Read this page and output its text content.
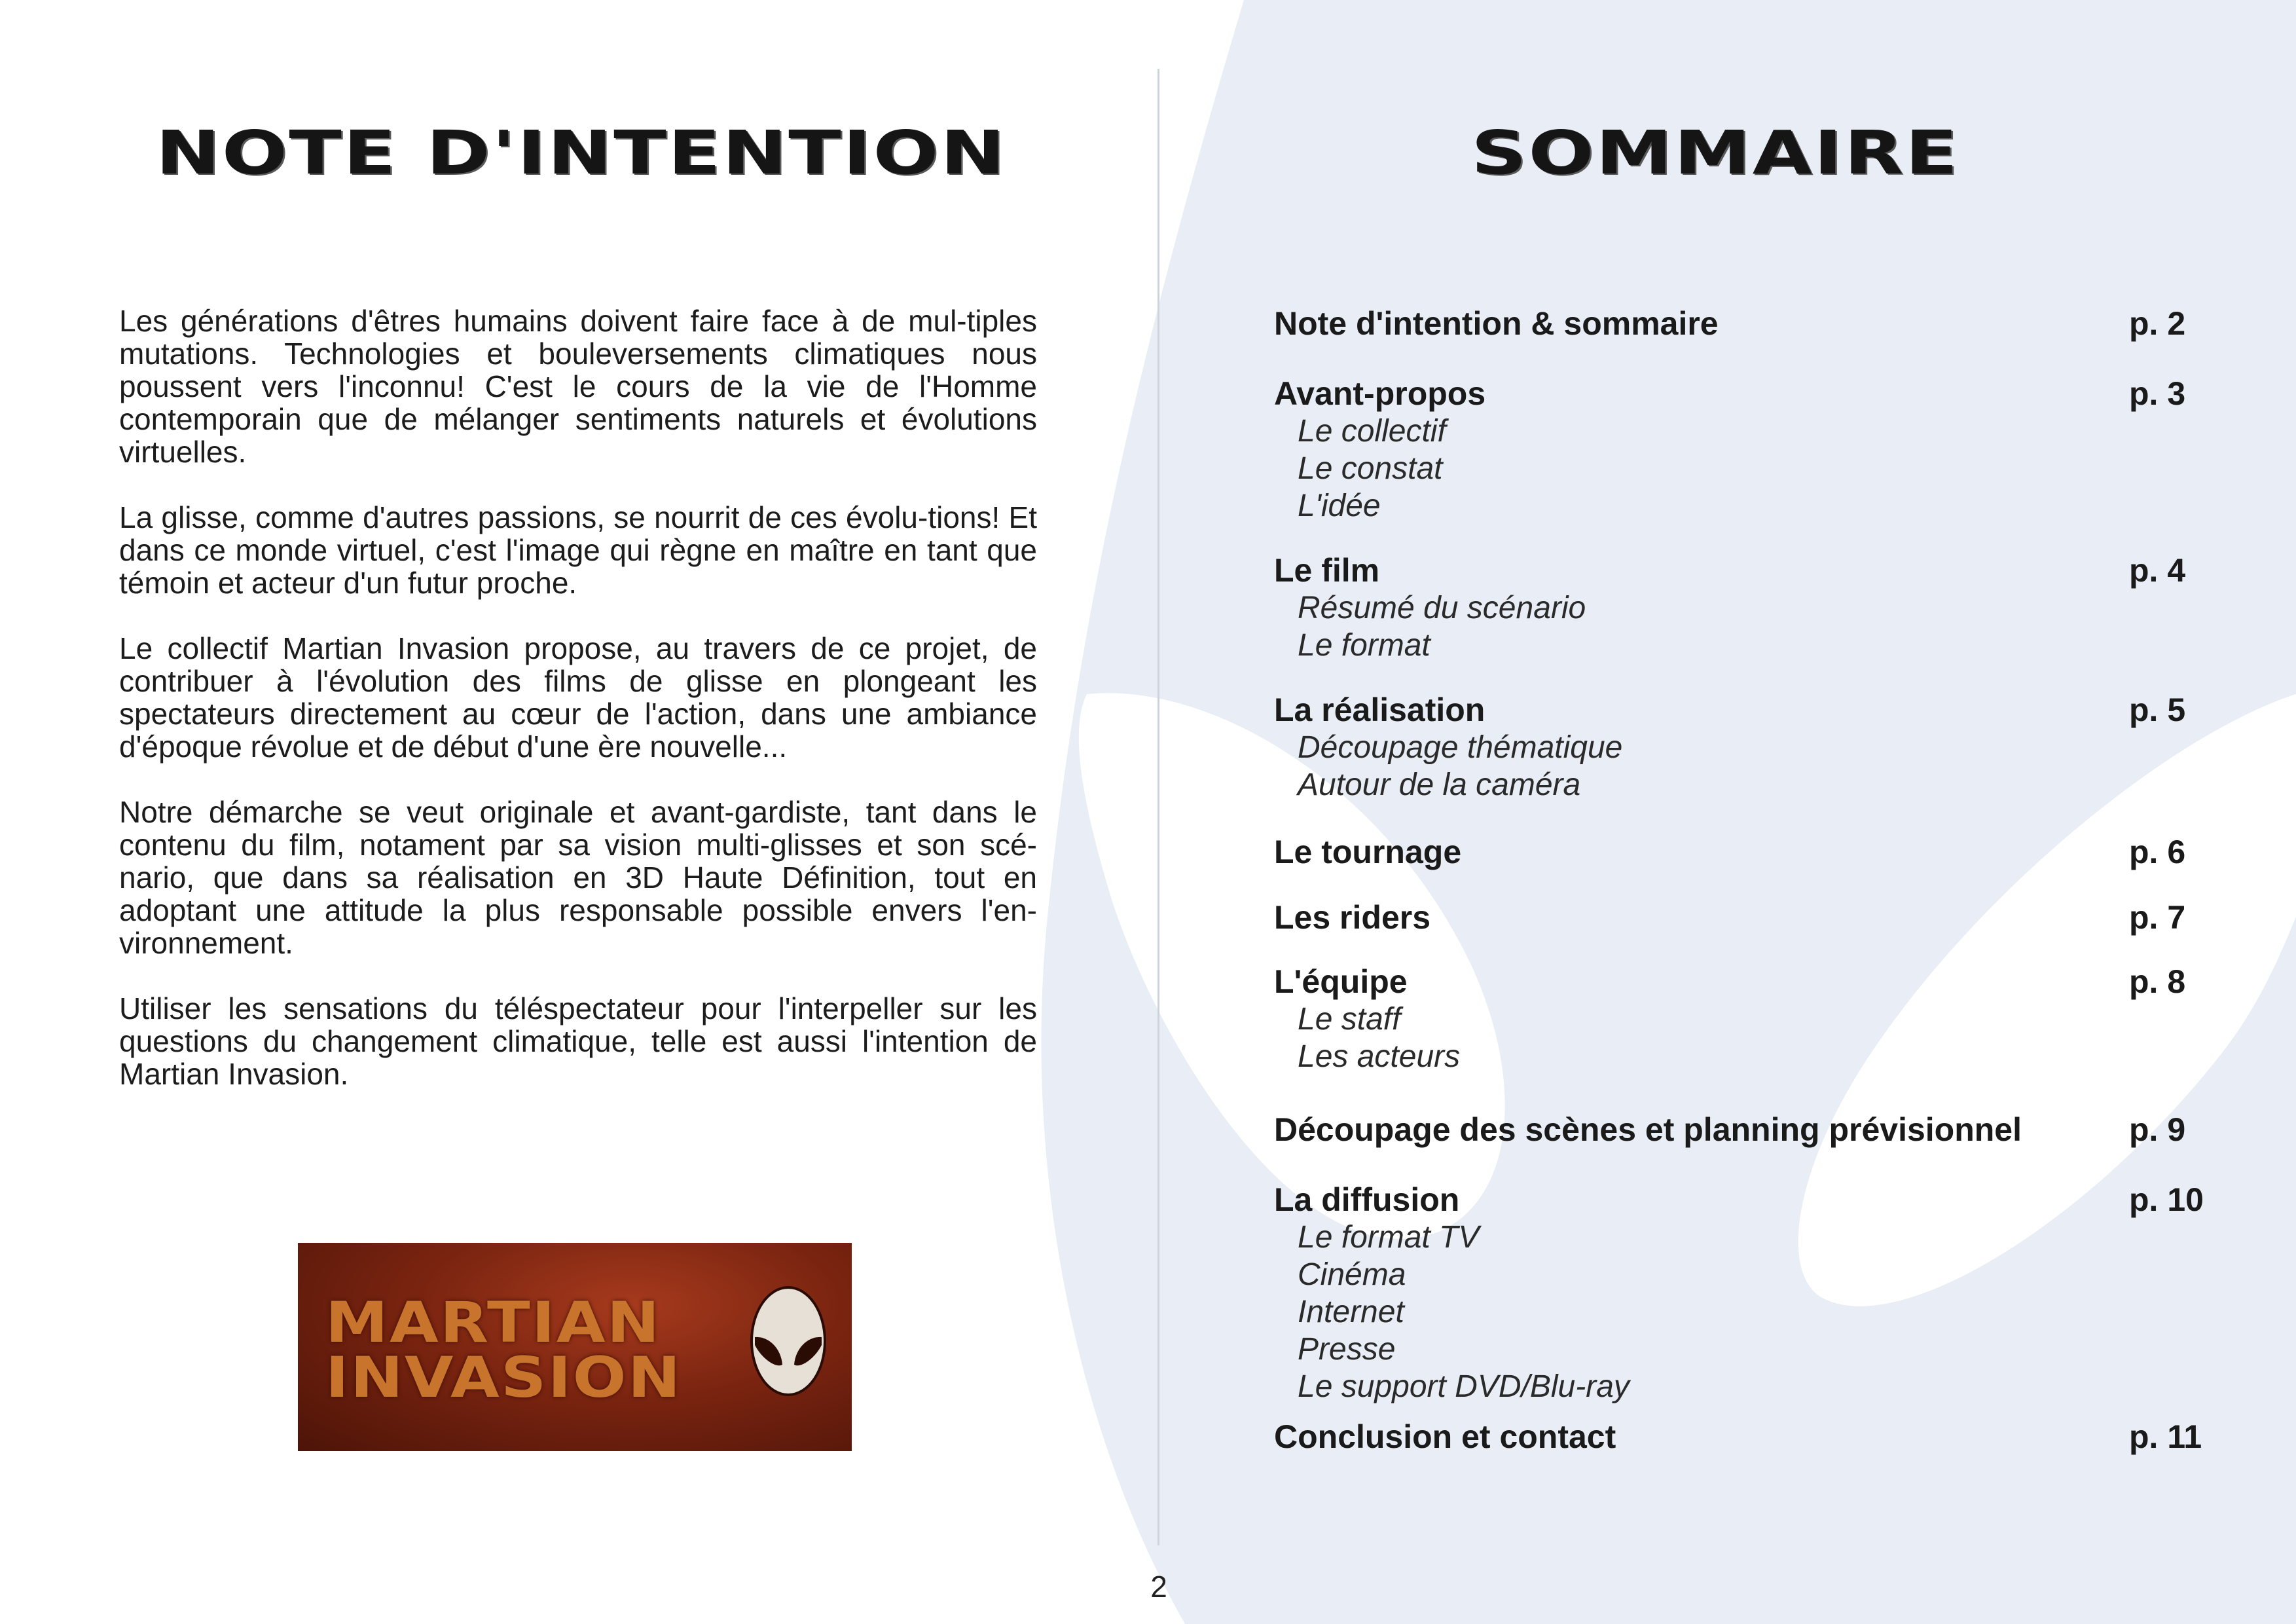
NOTE D'INTENTION

Les générations d'êtres humains doivent faire face à de mul-tiples mutations. Technologies et bouleversements climatiques nous poussent vers l'inconnu! C'est le cours de la vie de l'Homme contemporain que de mélanger sentiments naturels et évolutions virtuelles.

La glisse, comme d'autres passions, se nourrit de ces évolu-tions! Et dans ce monde virtuel, c'est l'image qui règne en maître en tant que témoin et acteur d'un futur proche.

Le collectif Martian Invasion propose, au travers de ce projet, de contribuer à l'évolution des films de glisse en plongeant les spectateurs directement au cœur de l'action, dans une ambiance d'époque révolue et de début d'une ère nouvelle...

Notre démarche se veut originale et avant-gardiste, tant dans le contenu du film, notament par sa vision multi-glisses et son scé-nario, que dans sa réalisation en 3D Haute Définition, tout en adoptant une attitude la plus responsable possible envers l'en-vironnement.

Utiliser les sensations du téléspectateur pour l'interpeller sur les questions du changement climatique, telle est aussi l'intention de Martian Invasion.

MARTIAN
INVASION
SOMMAIRE
Note d'intention & sommaire	p. 2
Avant-propos	p. 3
Le collectif
Le constat
L'idée
Le film	p. 4
Résumé du scénario
Le format
La réalisation	p. 5
Découpage thématique
Autour de la caméra
Le tournage	p. 6
Les riders	p. 7
L'équipe	p. 8
Le staff
Les acteurs
Découpage des scènes et planning prévisionnel	p. 9
La diffusion	p. 10
Le format TV
Cinéma
Internet
Presse
Le support DVD/Blu-ray
Conclusion et contact	p. 11
2
